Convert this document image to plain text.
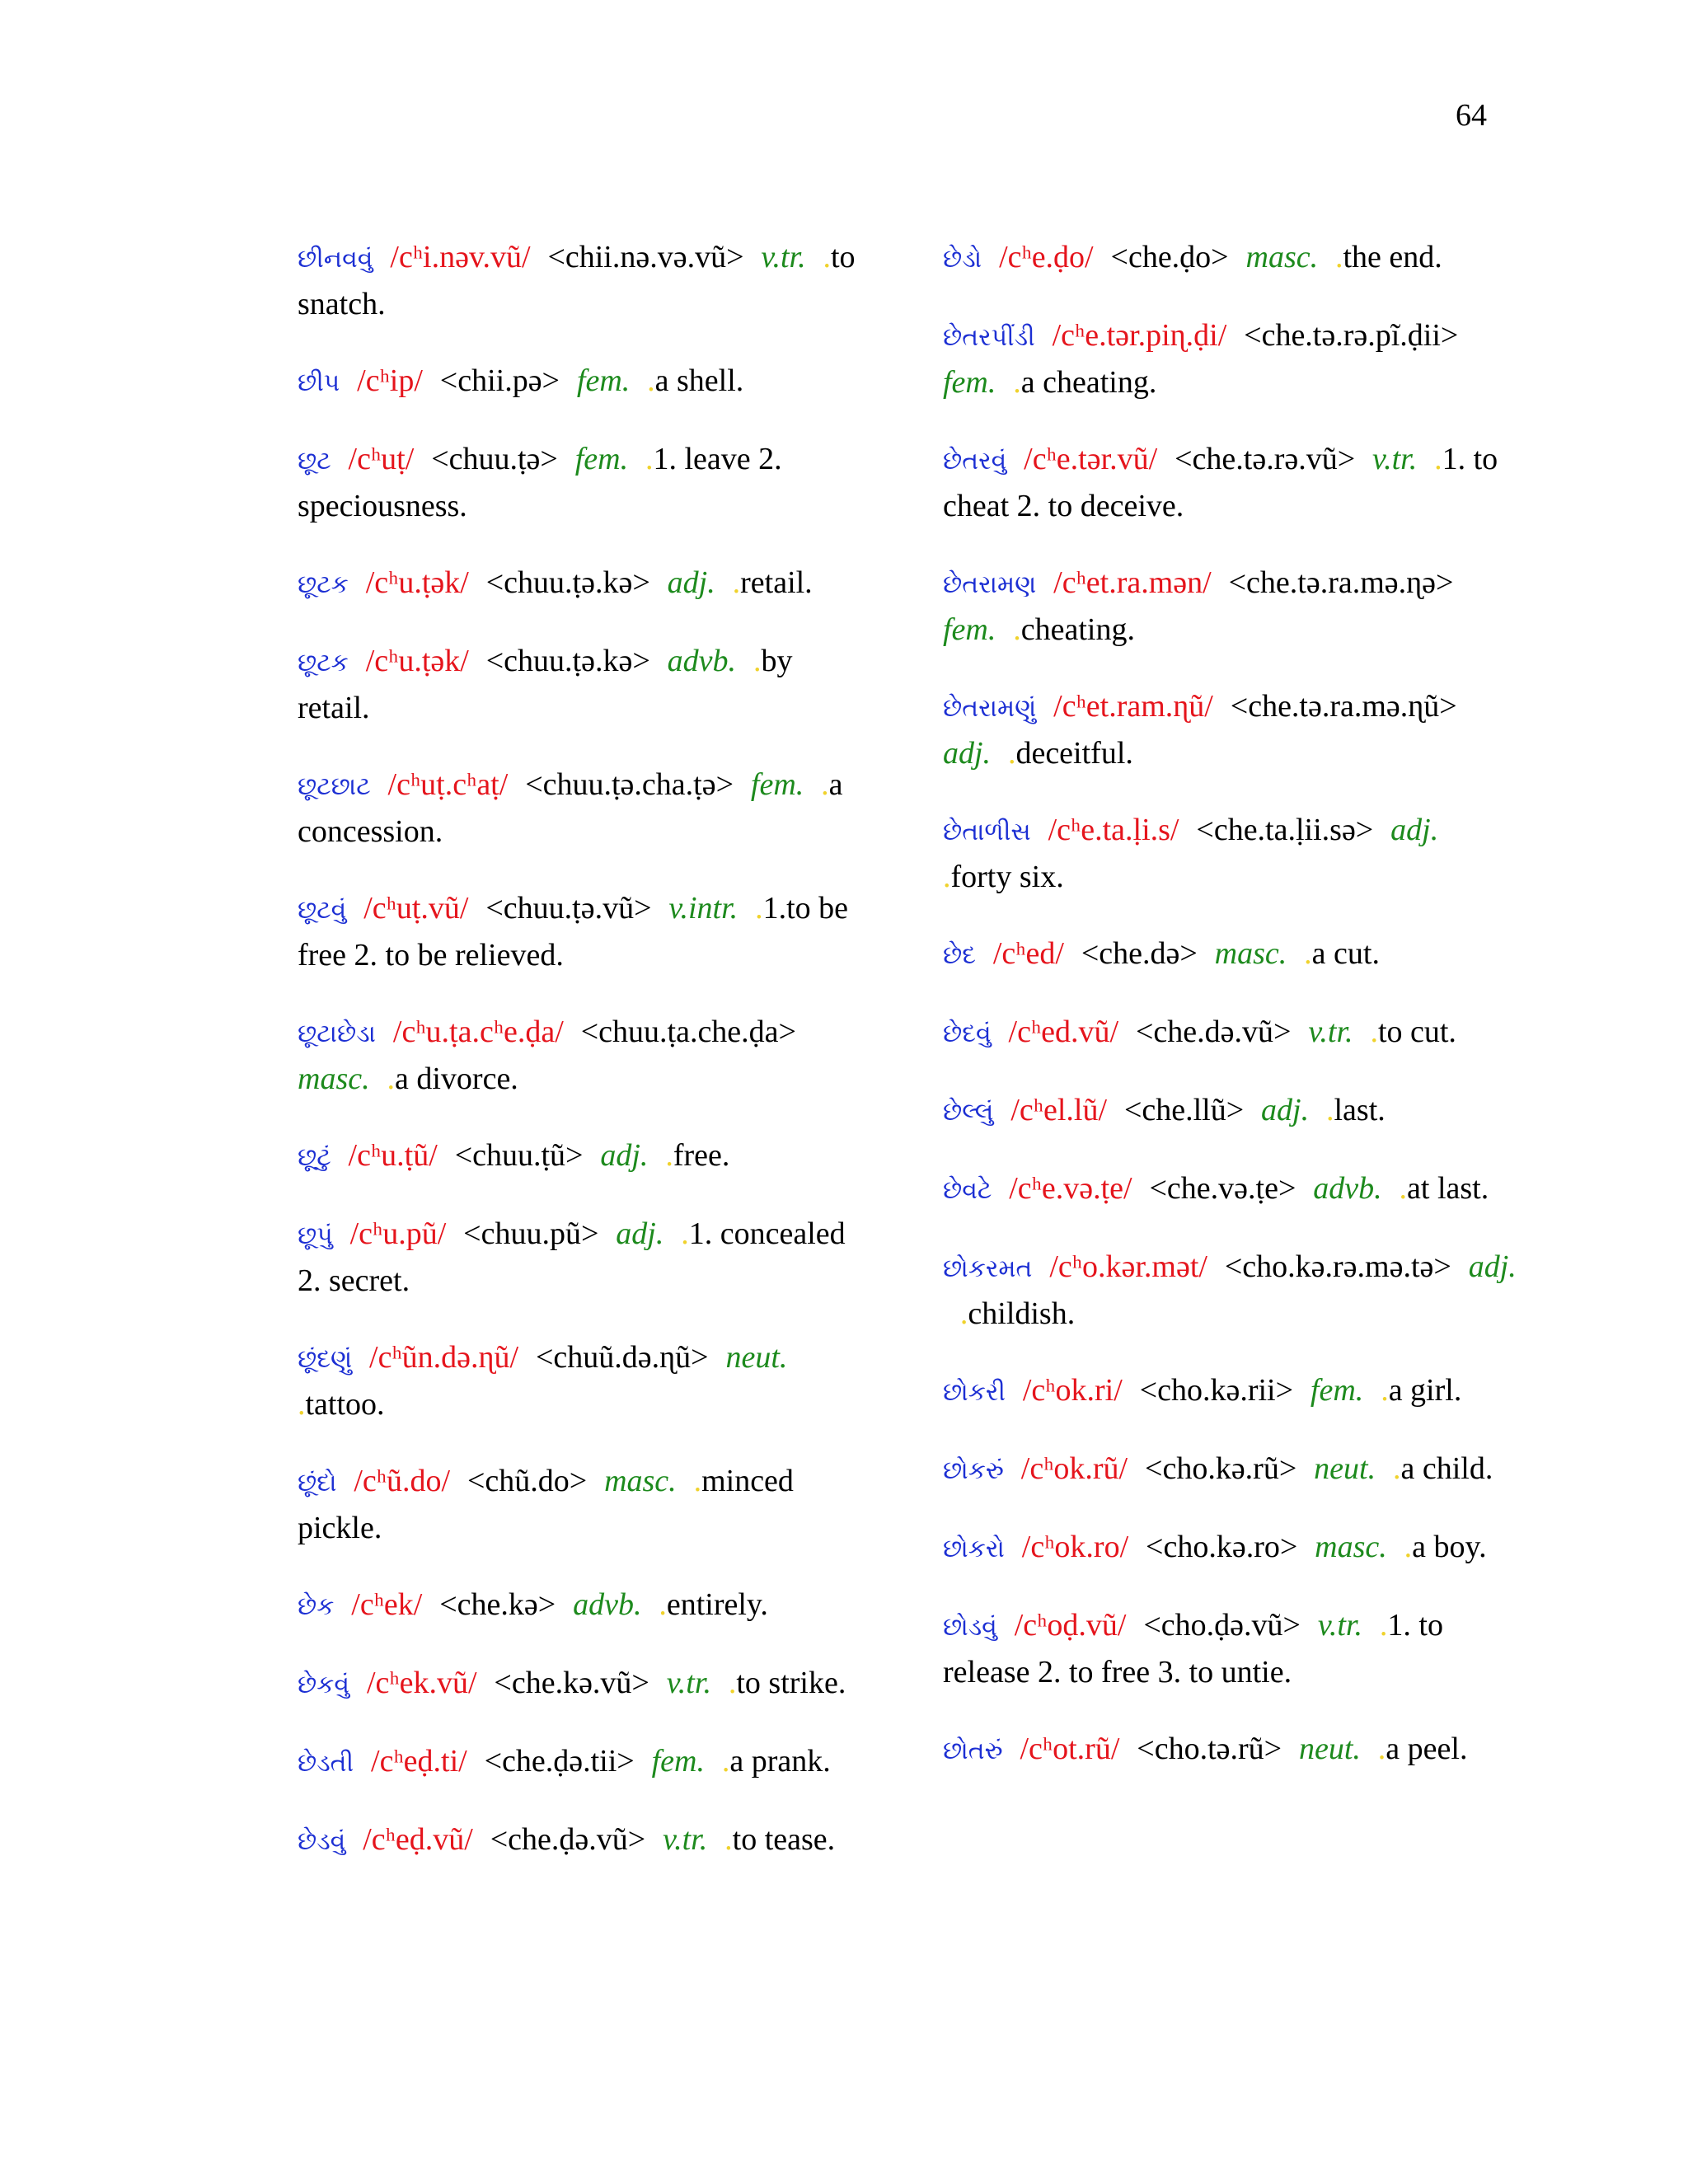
64
છીનવવું /cʰi.nəv.vũ/ <chii.nə.və.vũ> v.tr. .to snatch.
છીપ /cʰip/ <chii.pə> fem. .a shell.
છૂટ /cʰuṭ/ <chuu.ṭə> fem. .1. leave 2. speciousness.
છૂટક /cʰu.ṭək/ <chuu.ṭə.kə> adj. .retail.
છૂટક /cʰu.ṭək/ <chuu.ṭə.kə> advb. .by retail.
છૂટછાટ /cʰuṭ.cʰaṭ/ <chuu.ṭə.cha.ṭə> fem. .a concession.
છૂટવું /cʰuṭ.vũ/ <chuu.ṭə.vũ> v.intr. .1.to be free 2. to be relieved.
છૂટાછેડા /cʰu.ṭa.cʰe.ḍa/ <chuu.ṭa.che.ḍa>masc. .a divorce.
છૂટું /cʰu.ṭũ/ <chuu.ṭũ> adj. .free.
છૂપું /cʰu.pũ/ <chuu.pũ> adj. .1. concealed 2. secret.
છૂંદણું /cʰũn.də.ɳũ/ <chuũ.də.ɳũ> neut..tattoo.
છૂંદો /cʰũ.do/ <chũ.do> masc. .minced pickle.
છેક /cʰek/ <che.kə> advb. .entirely.
છેકવું /cʰek.vũ/ <che.kə.vũ> v.tr. .to strike.
છેડતી /cʰeḍ.ti/ <che.ḍə.tii> fem. .a prank.
છેડવું /cʰeḍ.vũ/ <che.ḍə.vũ> v.tr. .to tease.
છેડો /cʰe.ḍo/ <che.ḍo> masc. .the end.
છેતરપીંડી /cʰe.tər.piɳ.ḍi/ <che.tə.rə.pĩ.ḍii>fem. .a cheating.
છેતરવું /cʰe.tər.vũ/ <che.tə.rə.vũ> v.tr. .1. to cheat 2. to deceive.
છેતરામણ /cʰet.ra.mən/ <che.tə.ra.mə.ɳə>fem. .cheating.
છેતરામણું /cʰet.ram.ɳũ/ <che.tə.ra.mə.ɳũ>adj. .deceitful.
છેતાળીસ /cʰe.ta.ḷi.s/ <che.ta.ḷii.sə> adj..forty six.
છેદ /cʰed/ <che.də> masc. .a cut.
છેદવું /cʰed.vũ/ <che.də.vũ> v.tr. .to cut.
છેલ્લું /cʰel.lũ/ <che.llũ> adj. .last.
છેવટે /cʰe.və.ṭe/ <che.və.ṭe> advb. .at last.
છોકરમત /cʰo.kər.mət/ <cho.kə.rə.mə.tə> adj..childish.
છોકરી /cʰok.ri/ <cho.kə.rii> fem. .a girl.
છોકરું /cʰok.rũ/ <cho.kə.rũ> neut. .a child.
છોકરો /cʰok.ro/ <cho.kə.ro> masc. .a boy.
છોડવું /cʰoḍ.vũ/ <cho.ḍə.vũ> v.tr. .1. to release 2. to free 3. to untie.
છોતરું /cʰot.rũ/ <cho.tə.rũ> neut. .a peel.
